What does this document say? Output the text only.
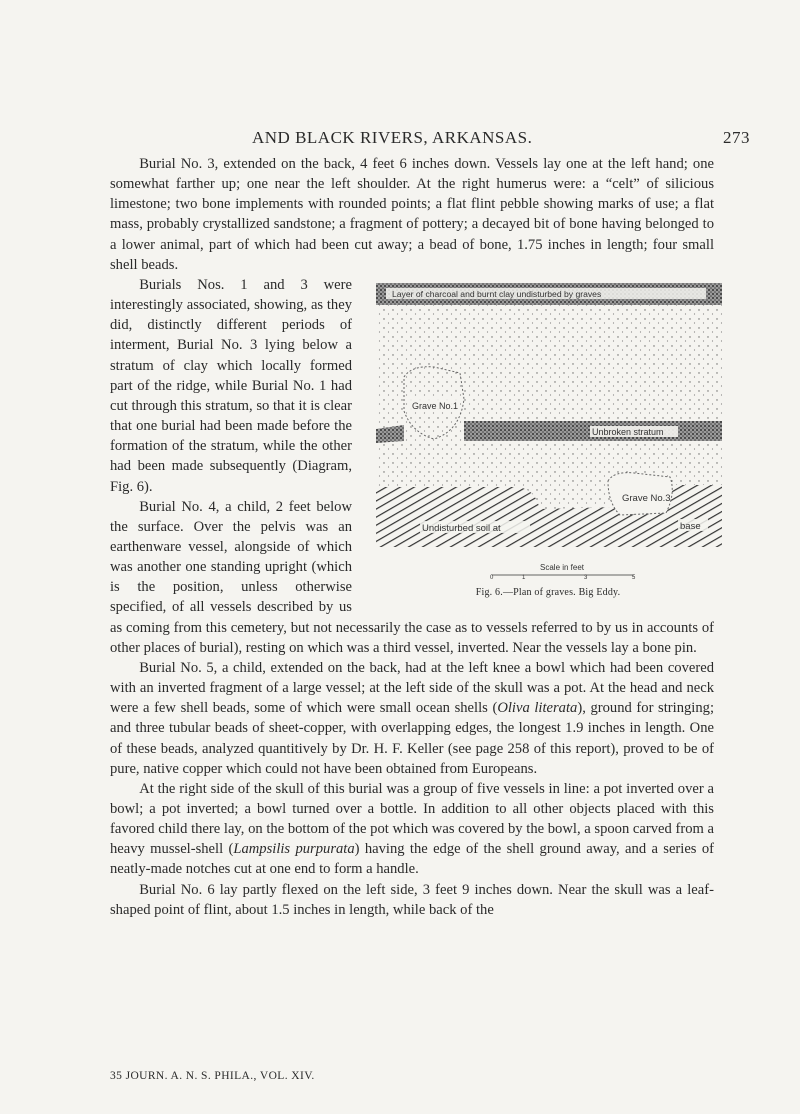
AND BLACK RIVERS, ARKANSAS.	273

Burial No. 3, extended on the back, 4 feet 6 inches down. Vessels lay one at the left hand; one somewhat farther up; one near the left shoulder. At the right humerus were: a “celt” of silicious limestone; two bone implements with rounded points; a flat flint pebble showing marks of use; a flat mass, probably crystallized sandstone; a fragment of pottery; a decayed bit of bone having belonged to a lower animal, part of which had been cut away; a bead of bone, 1.75 inches in length; four small shell beads.

Layer of charcoal and burnt clay undisturbed by graves
Grave No.1
Unbroken stratum
Undisturbed soil at	base
Grave No.3
Scale in feet
0	1	3	5
Fig. 6.—Plan of graves. Big Eddy.

Burials Nos. 1 and 3 were interestingly associated, showing, as they did, distinctly different periods of interment, Burial No. 3 lying below a stratum of clay which locally formed part of the ridge, while Burial No. 1 had cut through this stratum, so that it is clear that one burial had been made before the formation of the stratum, while the other had been made subsequently (Diagram, Fig. 6).

Burial No. 4, a child, 2 feet below the surface. Over the pelvis was an earthenware vessel, alongside of which was another one standing upright (which is the position, unless otherwise specified, of all vessels described by us as coming from this cemetery, but not necessarily the case as to vessels referred to by us in accounts of other places of burial), resting on which was a third vessel, inverted. Near the vessels lay a bone pin.

Burial No. 5, a child, extended on the back, had at the left knee a bowl which had been covered with an inverted fragment of a large vessel; at the left side of the skull was a pot. At the head and neck were a few shell beads, some of which were small ocean shells (Oliva literata), ground for stringing; and three tubular beads of sheet-copper, with overlapping edges, the longest 1.9 inches in length. One of these beads, analyzed quantitively by Dr. H. F. Keller (see page 258 of this report), proved to be of pure, native copper which could not have been obtained from Europeans.

At the right side of the skull of this burial was a group of five vessels in line: a pot inverted over a bowl; a pot inverted; a bowl turned over a bottle. In addition to all other objects placed with this favored child there lay, on the bottom of the pot which was covered by the bowl, a spoon carved from a heavy mussel-shell (Lampsilis purpurata) having the edge of the shell ground away, and a series of neatly-made notches cut at one end to form a handle.

Burial No. 6 lay partly flexed on the left side, 3 feet 9 inches down. Near the skull was a leaf-shaped point of flint, about 1.5 inches in length, while back of the

35 JOURN. A. N. S. PHILA., VOL. XIV.
